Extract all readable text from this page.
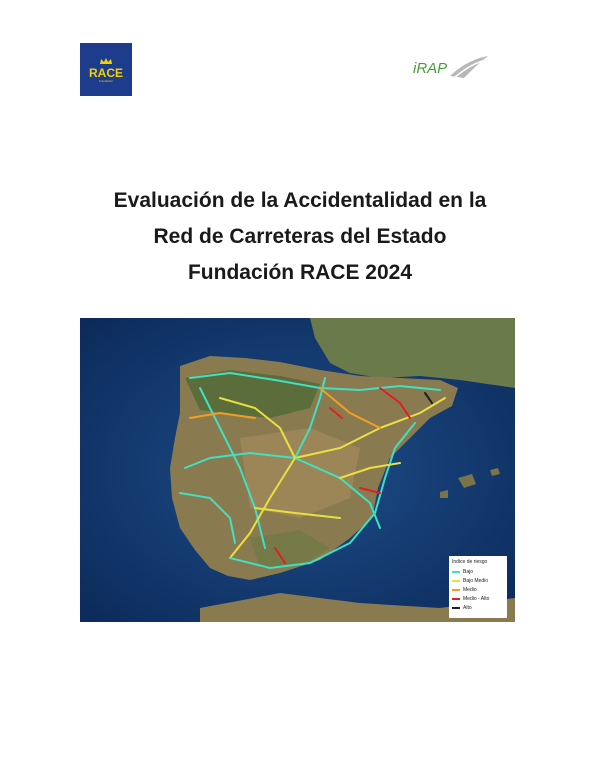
RACE
Fundación
iRAP
Evaluación de la Accidentalidad en la
Red de Carreteras del Estado
Fundación RACE 2024
Indice de riesgo
Bajo
Bajo Medio
Medio
Medio - Alto
Alto
